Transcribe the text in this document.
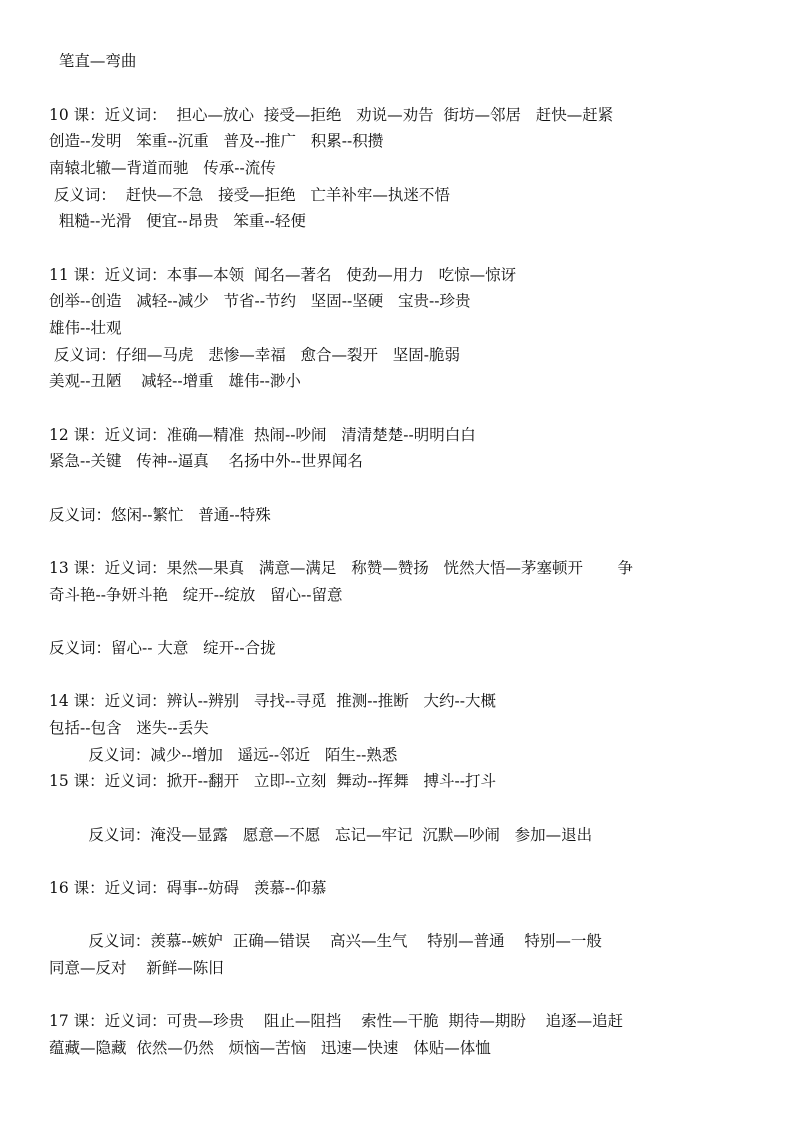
笔直—弯曲
10 课：近义词：  担心—放心  接受—拒绝   劝说—劝告  街坊—邻居   赶快—赶紧
创造--发明   笨重--沉重   普及--推广   积累--积攒
南辕北辙—背道而驰   传承--流传
反义词：  赶快—不急   接受—拒绝   亡羊补牢—执迷不悟
粗糙--光滑   便宜--昂贵   笨重--轻便
11 课：近义词：本事—本领  闻名—著名   使劲—用力   吃惊—惊讶
创举--创造   减轻--减少   节省--节约   坚固--坚硬   宝贵--珍贵
雄伟--壮观
反义词：仔细—马虎   悲惨—幸福   愈合—裂开   坚固-脆弱
美观--丑陋    减轻--增重   雄伟--渺小
12 课：近义词：准确—精准  热闹--吵闹   清清楚楚--明明白白
紧急--关键   传神--逼真    名扬中外--世界闻名
反义词：悠闲--繁忙   普通--特殊
13 课：近义词：果然—果真   满意—满足   称赞—赞扬   恍然大悟—茅塞顿开       争
奇斗艳--争妍斗艳   绽开--绽放   留心--留意
反义词：留心-- 大意   绽开--合拢
14 课：近义词：辨认--辨别   寻找--寻觅  推测--推断   大约--大概
包括--包含   迷失--丢失
反义词：减少--增加   遥远--邻近   陌生--熟悉
15 课：近义词：掀开--翻开   立即--立刻  舞动--挥舞   搏斗--打斗
反义词：淹没—显露   愿意—不愿   忘记—牢记  沉默—吵闹   参加—退出
16 课：近义词：碍事--妨碍   羡慕--仰慕
反义词：羡慕--嫉妒  正确—错误    高兴—生气    特别—普通    特别—一般
同意—反对    新鲜—陈旧
17 课：近义词：可贵—珍贵    阻止—阻挡    索性—干脆  期待—期盼    追逐—追赶
蕴藏—隐藏  依然—仍然   烦恼—苦恼   迅速—快速   体贴—体恤
